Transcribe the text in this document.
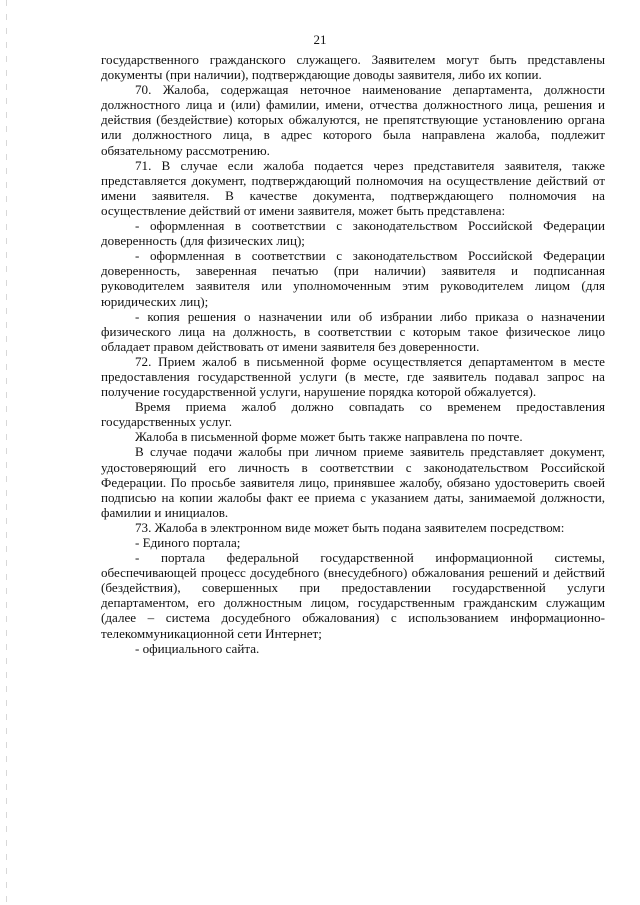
21

государственного гражданского служащего. Заявителем могут быть представлены документы (при наличии), подтверждающие доводы заявителя, либо их копии.

70. Жалоба, содержащая неточное наименование департамента, должности должностного лица и (или) фамилии, имени, отчества должностного лица, решения и действия (бездействие) которых обжалуются, не препятствующие установлению органа или должностного лица, в адрес которого была направлена жалоба, подлежит обязательному рассмотрению.

71. В случае если жалоба подается через представителя заявителя, также представляется документ, подтверждающий полномочия на осуществление действий от имени заявителя. В качестве документа, подтверждающего полномочия на осуществление действий от имени заявителя, может быть представлена:

- оформленная в соответствии с законодательством Российской Федерации доверенность (для физических лиц);

- оформленная в соответствии с законодательством Российской Федерации доверенность, заверенная печатью (при наличии) заявителя и подписанная руководителем заявителя или уполномоченным этим руководителем лицом (для юридических лиц);

- копия решения о назначении или об избрании либо приказа о назначении физического лица на должность, в соответствии с которым такое физическое лицо обладает правом действовать от имени заявителя без доверенности.

72. Прием жалоб в письменной форме осуществляется департаментом в месте предоставления государственной услуги (в месте, где заявитель подавал запрос на получение государственной услуги, нарушение порядка которой обжалуется).

Время приема жалоб должно совпадать со временем предоставления государственных услуг.

Жалоба в письменной форме может быть также направлена по почте.

В случае подачи жалобы при личном приеме заявитель представляет документ, удостоверяющий его личность в соответствии с законодательством Российской Федерации. По просьбе заявителя лицо, принявшее жалобу, обязано удостоверить своей подписью на копии жалобы факт ее приема с указанием даты, занимаемой должности, фамилии и инициалов.

73. Жалоба в электронном виде может быть подана заявителем посредством:

- Единого портала;

- портала федеральной государственной информационной системы, обеспечивающей процесс досудебного (внесудебного) обжалования решений и действий (бездействия), совершенных при предоставлении государственной услуги департаментом, его должностным лицом, государственным гражданским служащим (далее – система досудебного обжалования) с использованием информационно-телекоммуникационной сети Интернет;

- официального сайта.
